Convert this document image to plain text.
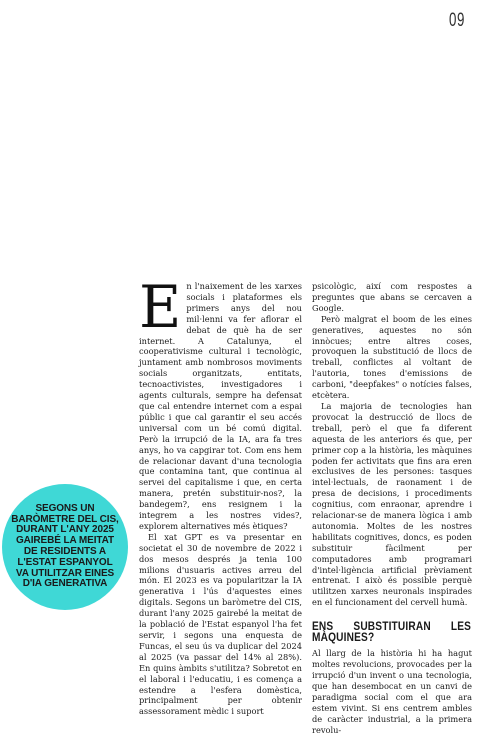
09

En l'naixement de les xarxes socials i plataformes els primers anys del nou mil·lenni va fer aflorar el debat de què ha de ser internet. A Catalunya, el cooperativisme cultural i tecnològic, juntament amb nombrosos moviments socials organitzats, entitats, tecnoactivistes, investigadores i agents culturals, sempre ha defensat que cal entendre internet com a espai públic i que cal garantir el seu accés universal com un bé comú digital. Però la irrupció de la IA, ara fa tres anys, ho va capgirar tot. Com ens hem de relacionar davant d'una tecnologia que contamina tant, que continua al servei del capitalisme i que, en certa manera, pretén substituir-nos?, la bandegem?, ens resignem i la integrem a les nostres vides?, explorem alternatives més ètiques?

El xat GPT es va presentar en societat el 30 de novembre de 2022 i dos mesos després ja tenia 100 milions d'usuaris actives arreu del món. El 2023 es va popularitzar la IA generativa i l'ús d'aquestes eines digitals. Segons un baròmetre del CIS, durant l'any 2025 gairebé la meitat de la població de l'Estat espanyol l'ha fet servir, i segons una enquesta de Funcas, el seu ús va duplicar del 2024 al 2025 (va passar del 14% al 28%). En quins àmbits s'utilitza? Sobretot en el laboral i l'educatiu, i es comença a estendre a l'esfera domèstica, principalment per obtenir assessorament mèdic i suport

psicològic, així com respostes a preguntes que abans se cercaven a Google.

Però malgrat el boom de les eines generatives, aquestes no són innòcues; entre altres coses, provoquen la substitució de llocs de treball, conflictes al voltant de l'autoria, tones d'emissions de carboni, "deepfakes" o notícies falses, etcètera.

La majoria de tecnologies han provocat la destrucció de llocs de treball, però el que fa diferent aquesta de les anteriors és que, per primer cop a la història, les màquines poden fer activitats que fins ara eren exclusives de les persones: tasques intel·lectuals, de raonament i de presa de decisions, i procediments cognitius, com enraonar, aprendre i relacionar-se de manera lògica i amb autonomia. Moltes de les nostres habilitats cognitives, doncs, es poden substituir fàcilment per computadores amb programari d'intel·ligència artificial prèviament entrenat. I això és possible perquè utilitzen xarxes neuronals inspirades en el funcionament del cervell humà.

ENS SUBSTITUIRAN LES MÀQUINES?

Al llarg de la història hi ha hagut moltes revolucions, provocades per la irrupció d'un invent o una tecnologia, que han desembocat en un canvi de paradigma social com el que ara estem vivint. Si ens centrem ambles de caràcter industrial, a la primera revolu-

SEGONS UN BARÒMETRE DEL CIS, DURANT L'ANY 2025 GAIREBÉ LA MEITAT DE RESIDENTS A L'ESTAT ESPANYOL VA UTILITZAR EINES D'IA GENERATIVA
